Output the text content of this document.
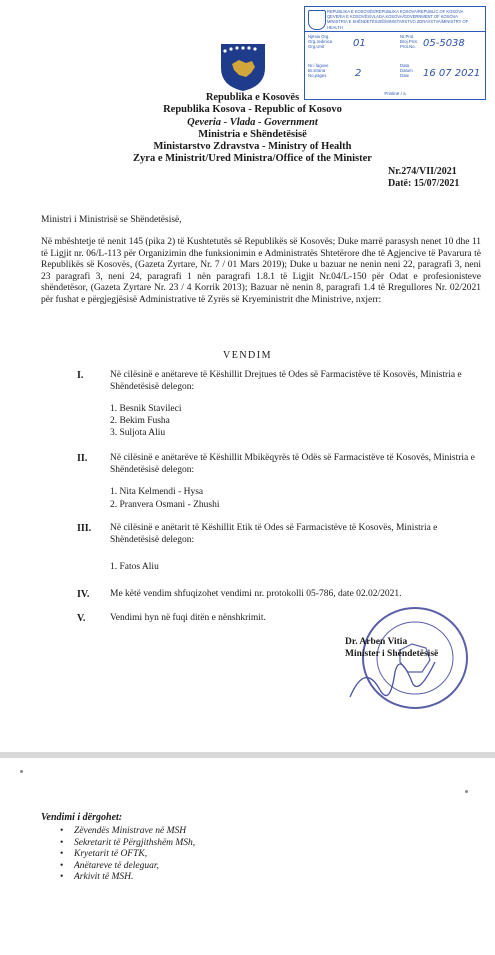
REPUBLIKA E KOSOVËS/REPUBLIKA KOSOVA/REPUBLIC OF KOSOVA
QEVERIA E KOSOVËS/VLADA KOSOVA/GOVERNMENT OF KOSOVA
MINISTRIA E SHËNDETËSISË/MINISTARSTVO ZDRAVSTVA/MINISTRY OF HEALTH
Njësia Org.
Org.Jedinica
Org.Unit	01
Nr.Prot.
Broj.Prot.
Prot.No. 05-5038
Nr.i fagove
Br.strana
No.pages	2
Data
Datum
Date	16 07 2021
Pristinë / a
Republika e Kosovës
Republika Kosova - Republic of Kosovo
Qeveria - Vlada - Government
Ministria e Shëndetësisë
Ministarstvo Zdravstva - Ministry of Health
Zyra e Ministrit/Ured Ministra/Office of the Minister
Nr.274/VII/2021
Datë: 15/07/2021
Ministri i Ministrisë se Shëndetësisë,
Në mbështetje të nenit 145 (pika 2) të Kushtetutës së Republikës së Kosovës; Duke marrë parasysh nenet 10 dhe 11 të Ligjit nr. 06/L-113 për Organizimin dhe funksionimin e Administratës Shtetërore dhe të Agjencive të Pavarura të Republikës së Kosovës, (Gazeta Zyrtare, Nr. 7 / 01 Mars 2019); Duke u bazuar ne nenin neni 22, paragrafi 3, neni 23 paragrafi 3, neni 24, paragrafi 1 nën paragrafi 1.8.1 të Ligjit Nr.04/L-150 për Odat e profesionisteve shëndetësor, (Gazeta Zyrtare Nr. 23 / 4 Korrik 2013); Bazuar në nenin 8, paragrafi 1.4 të Rregullores Nr. 02/2021 për fushat e përgjegjësisë Administrative të Zyrës së Kryeministrit dhe Ministrive, nxjerr:
VENDIM
I.	Në cilësinë e anëtareve të Këshillit Drejtues të Odes së Farmacistëve të Kosovës, Ministria e Shëndetësisë delegon:
1. Besnik Stavileci
2. Bekim Fusha
3. Suljota Aliu
II. Në cilësinë e anëtarëve të Këshillit Mbikëqyrës të Odës së Farmacistëve të Kosovës, Ministria e Shëndetësisë delegon:
1. Nita Kelmendi - Hysa
2. Pranvera Osmani - Zhushi
III. Në cilësinë e anëtarit të Këshillit Etik të Odes së Farmacistëve të Kosovës, Ministria e Shëndetësisë delegon:
1. Fatos Aliu
IV. Me këtë vendim shfuqizohet vendimi nr. protokolli 05-786, date 02.02/2021.
V.	Vendimi hyn në fuqi ditën e nënshkrimit.
Dr. Arben Vitia
Minister i Shëndetësisë
Vendimi i dërgohet:
• Zëvendës Ministrave në MSH
• Sekretarit të Përgjithshëm MSh,
• Kryetarit të OFTK,
• Anëtareve të deleguar,
• Arkivit të MSH.
